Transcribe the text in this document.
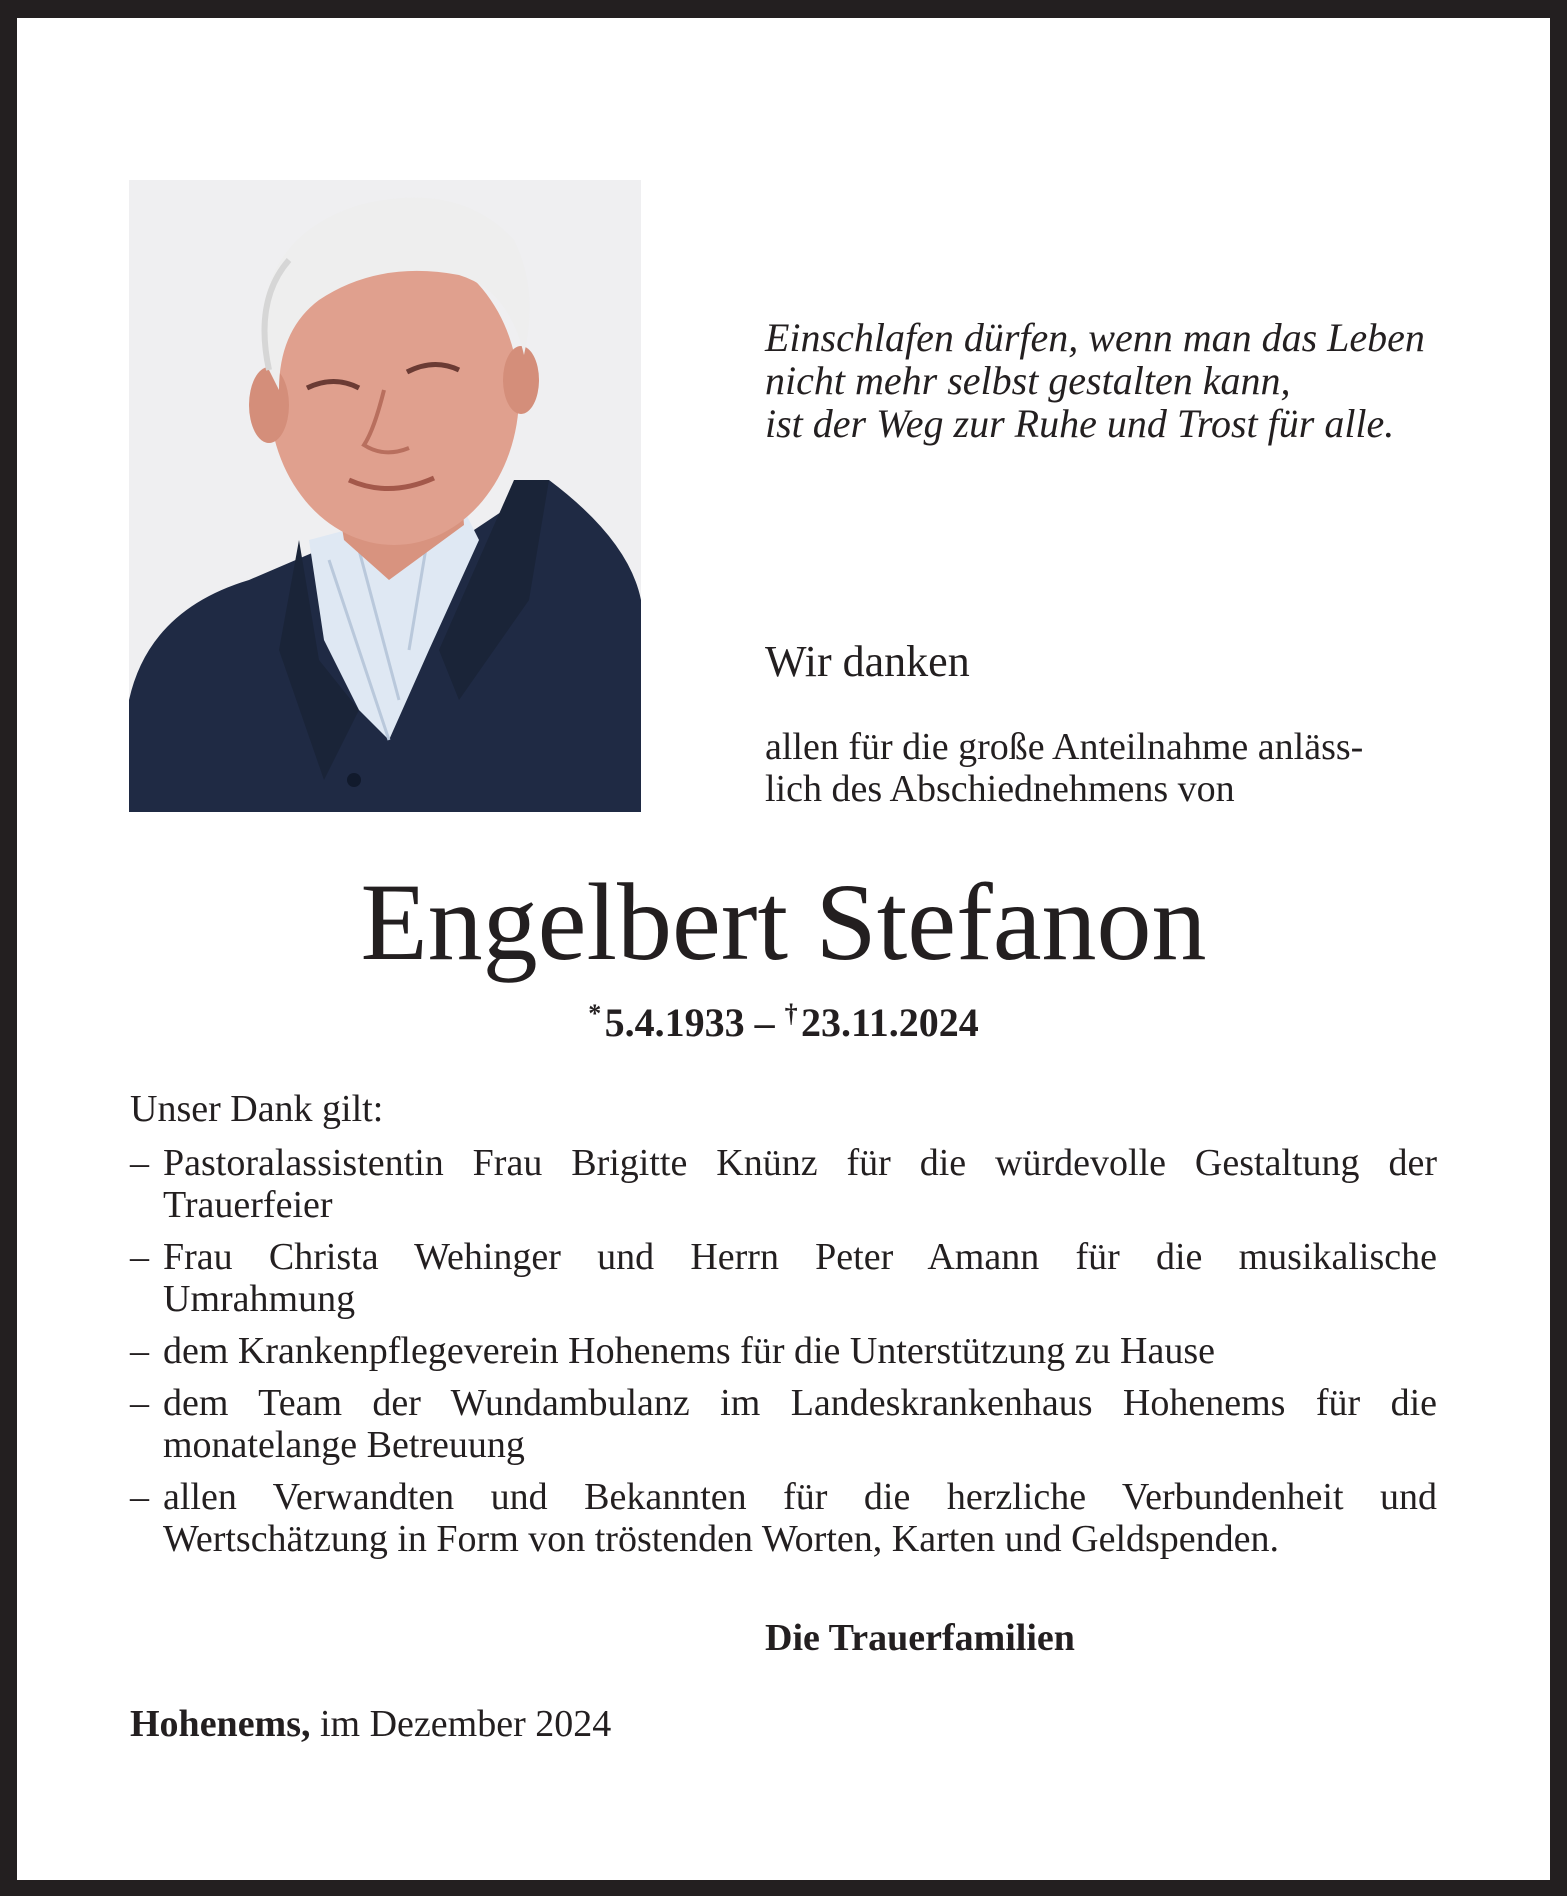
Einschlafen dürfen, wenn man das Leben
nicht mehr selbst gestalten kann,
ist der Weg zur Ruhe und Trost für alle.
Wir danken
allen für die große Anteilnahme anläss-
lich des Abschiednehmens von
Engelbert Stefanon
* 5.4.1933 – † 23.11.2024
Unser Dank gilt:
– Pastoralassistentin Frau Brigitte Knünz für die würdevolle Gestaltung der
Trauerfeier
– Frau Christa Wehinger und Herrn Peter Amann für die musikalische
Umrahmung
– dem Krankenpflegeverein Hohenems für die Unterstützung zu Hause
– dem Team der Wundambulanz im Landeskrankenhaus Hohenems für die
monatelange Betreuung
– allen Verwandten und Bekannten für die herzliche Verbundenheit und
Wertschätzung in Form von tröstenden Worten, Karten und Geldspenden.
Die Trauerfamilien
Hohenems, im Dezember 2024
